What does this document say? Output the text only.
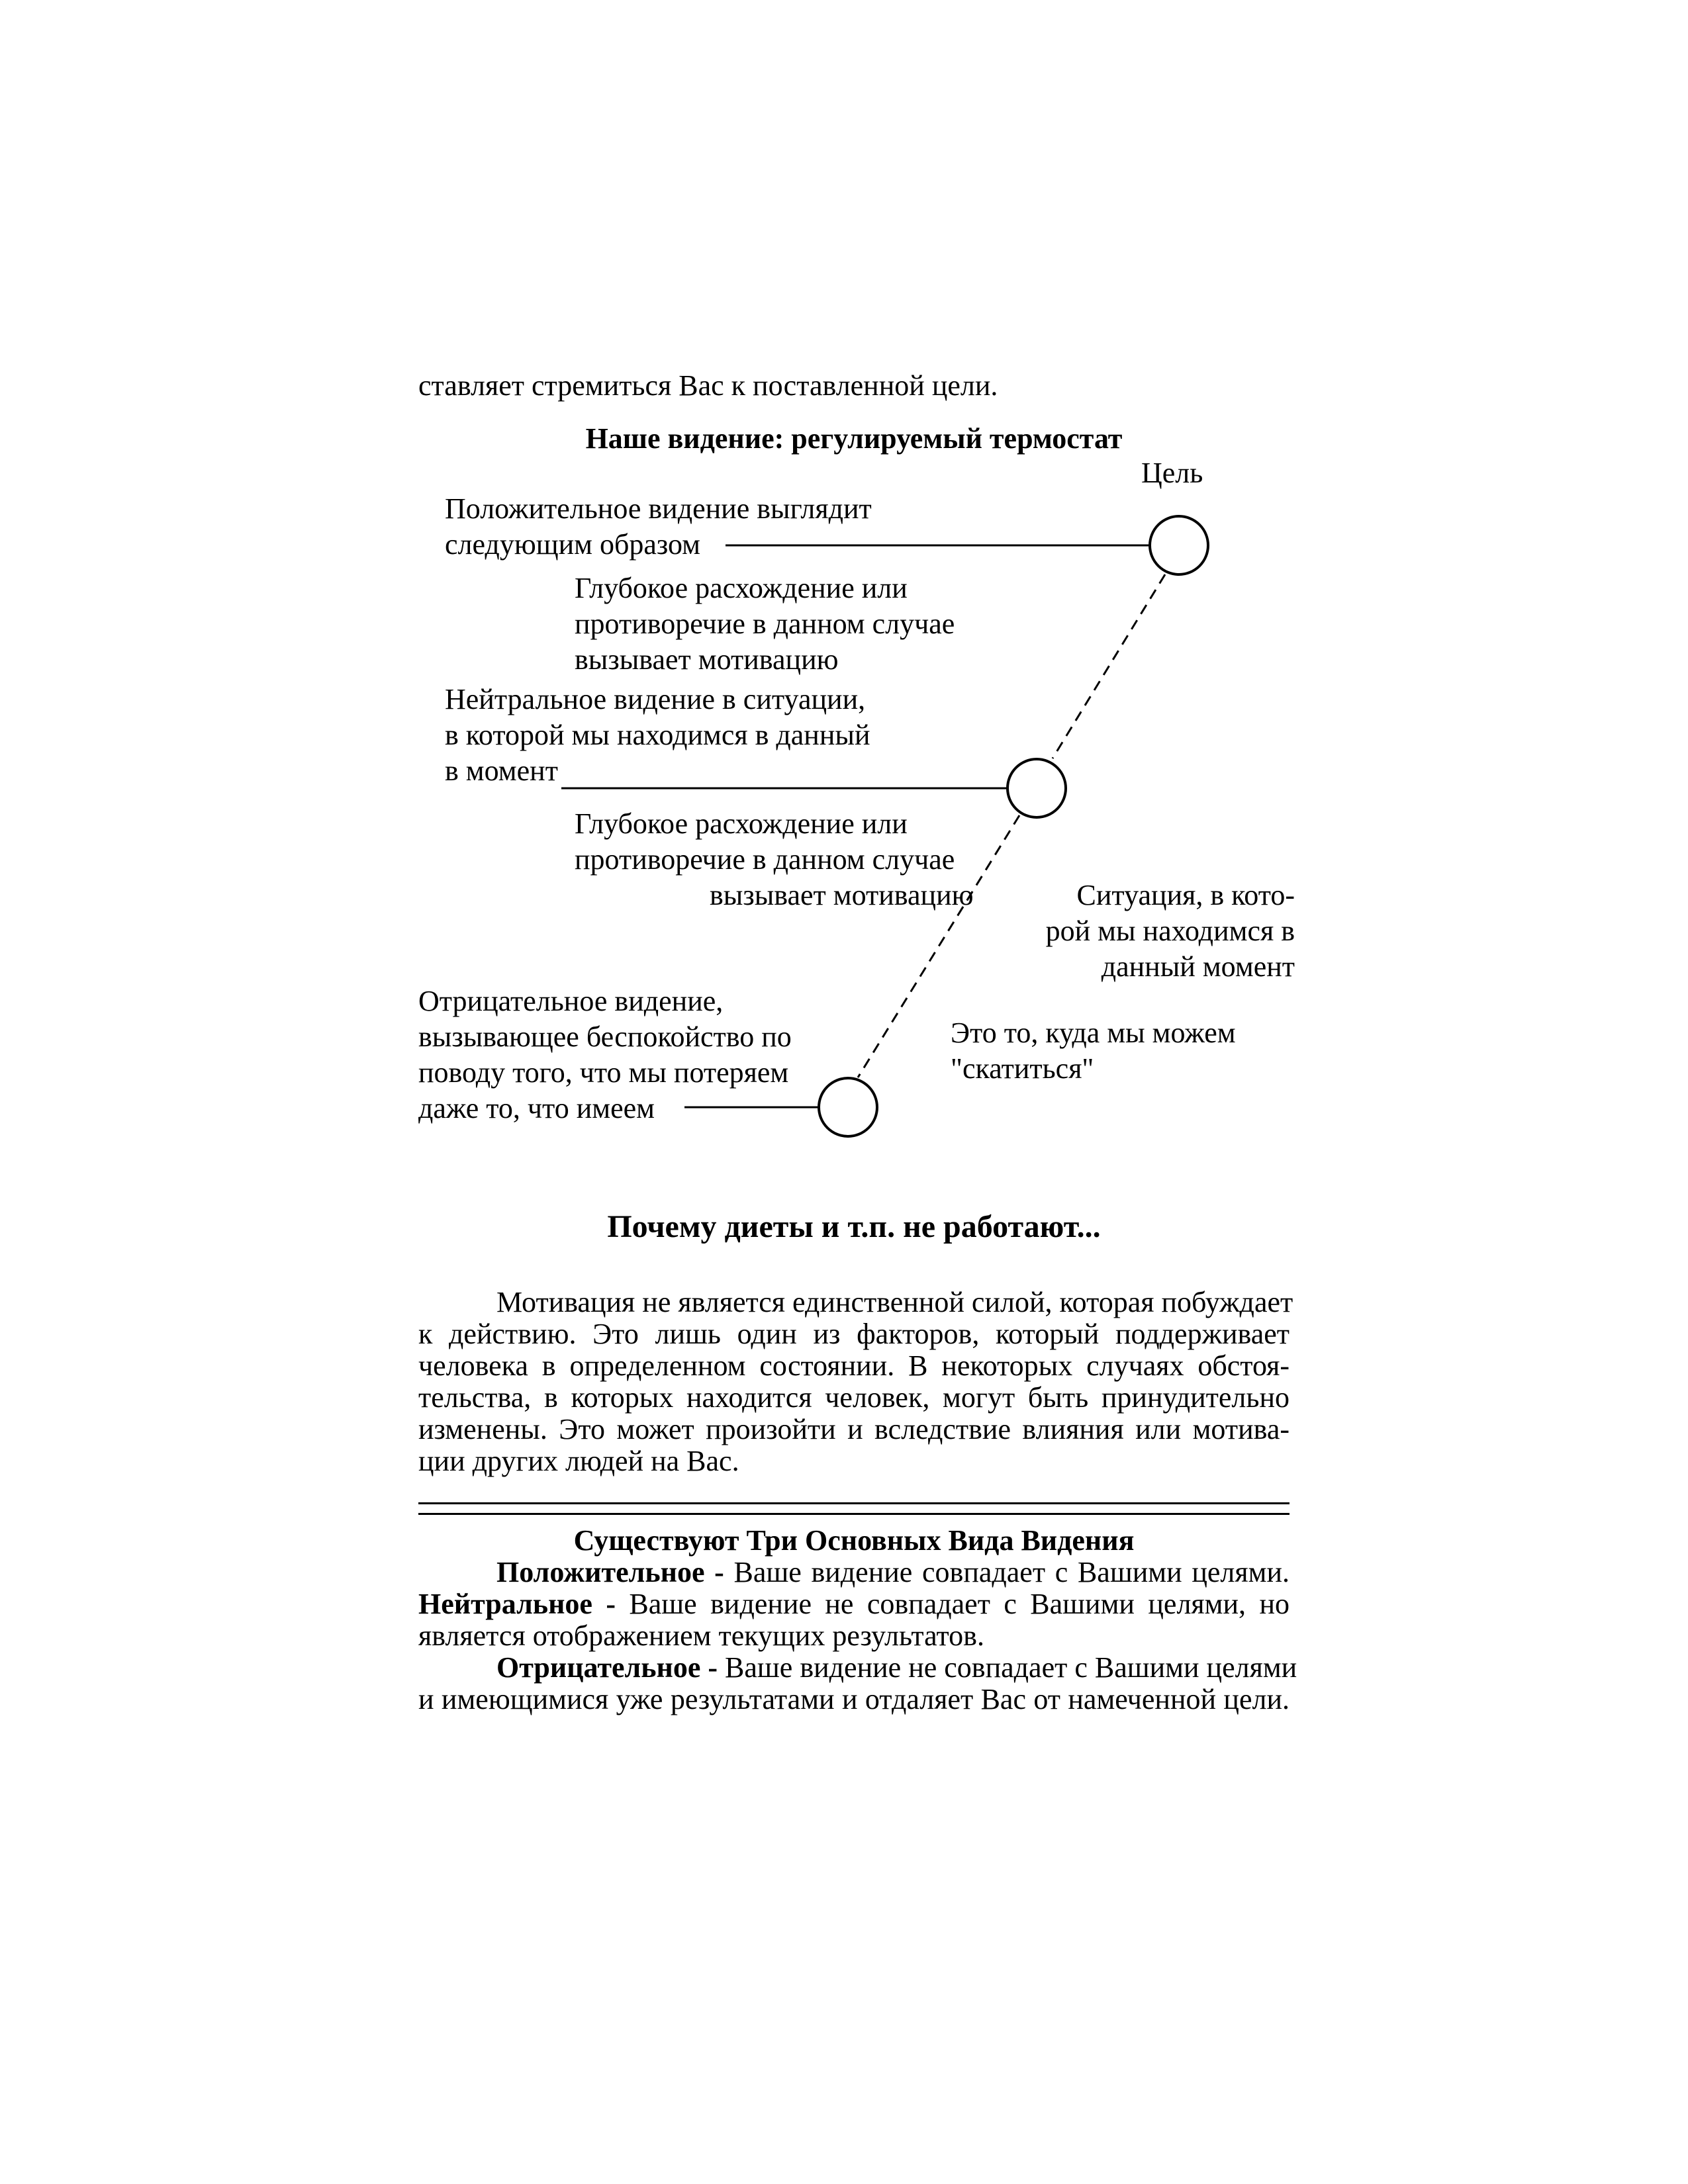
ставляет стремиться Вас к поставленной цели.
Наше видение: регулируемый термостат
Цель
Положительное видение выглядит
следующим образом
Глубокое расхождение или
противоречие в данном случае
вызывает мотивацию
Нейтральное видение в ситуации,
в которой мы находимся в данный
в момент
Глубокое расхождение или
противоречие в данном случае
вызывает мотивацию	Ситуация, в кото-
рой мы находимся в
данный момент
Отрицательное видение,
вызывающее беспокойство по
поводу того, что мы потеряем
даже то, что имеем
Это то, куда мы можем
"скатиться"
Почему диеты и т.п. не работают...
Мотивация не является единственной силой, которая побуждает
к действию. Это лишь один из факторов, который поддерживает
человека в определенном состоянии. В некоторых случаях обстоя-
тельства, в которых находится человек, могут быть принудительно
изменены. Это может произойти и вследствие влияния или мотива-
ции других людей на Вас.
Существуют Три Основных Вида Видения
Положительное - Ваше видение совпадает с Вашими целями.
Нейтральное - Ваше видение не совпадает с Вашими целями, но
является отображением текущих результатов.
Отрицательное - Ваше видение не совпадает с Вашими целями
и имеющимися уже результатами и отдаляет Вас от намеченной цели.
